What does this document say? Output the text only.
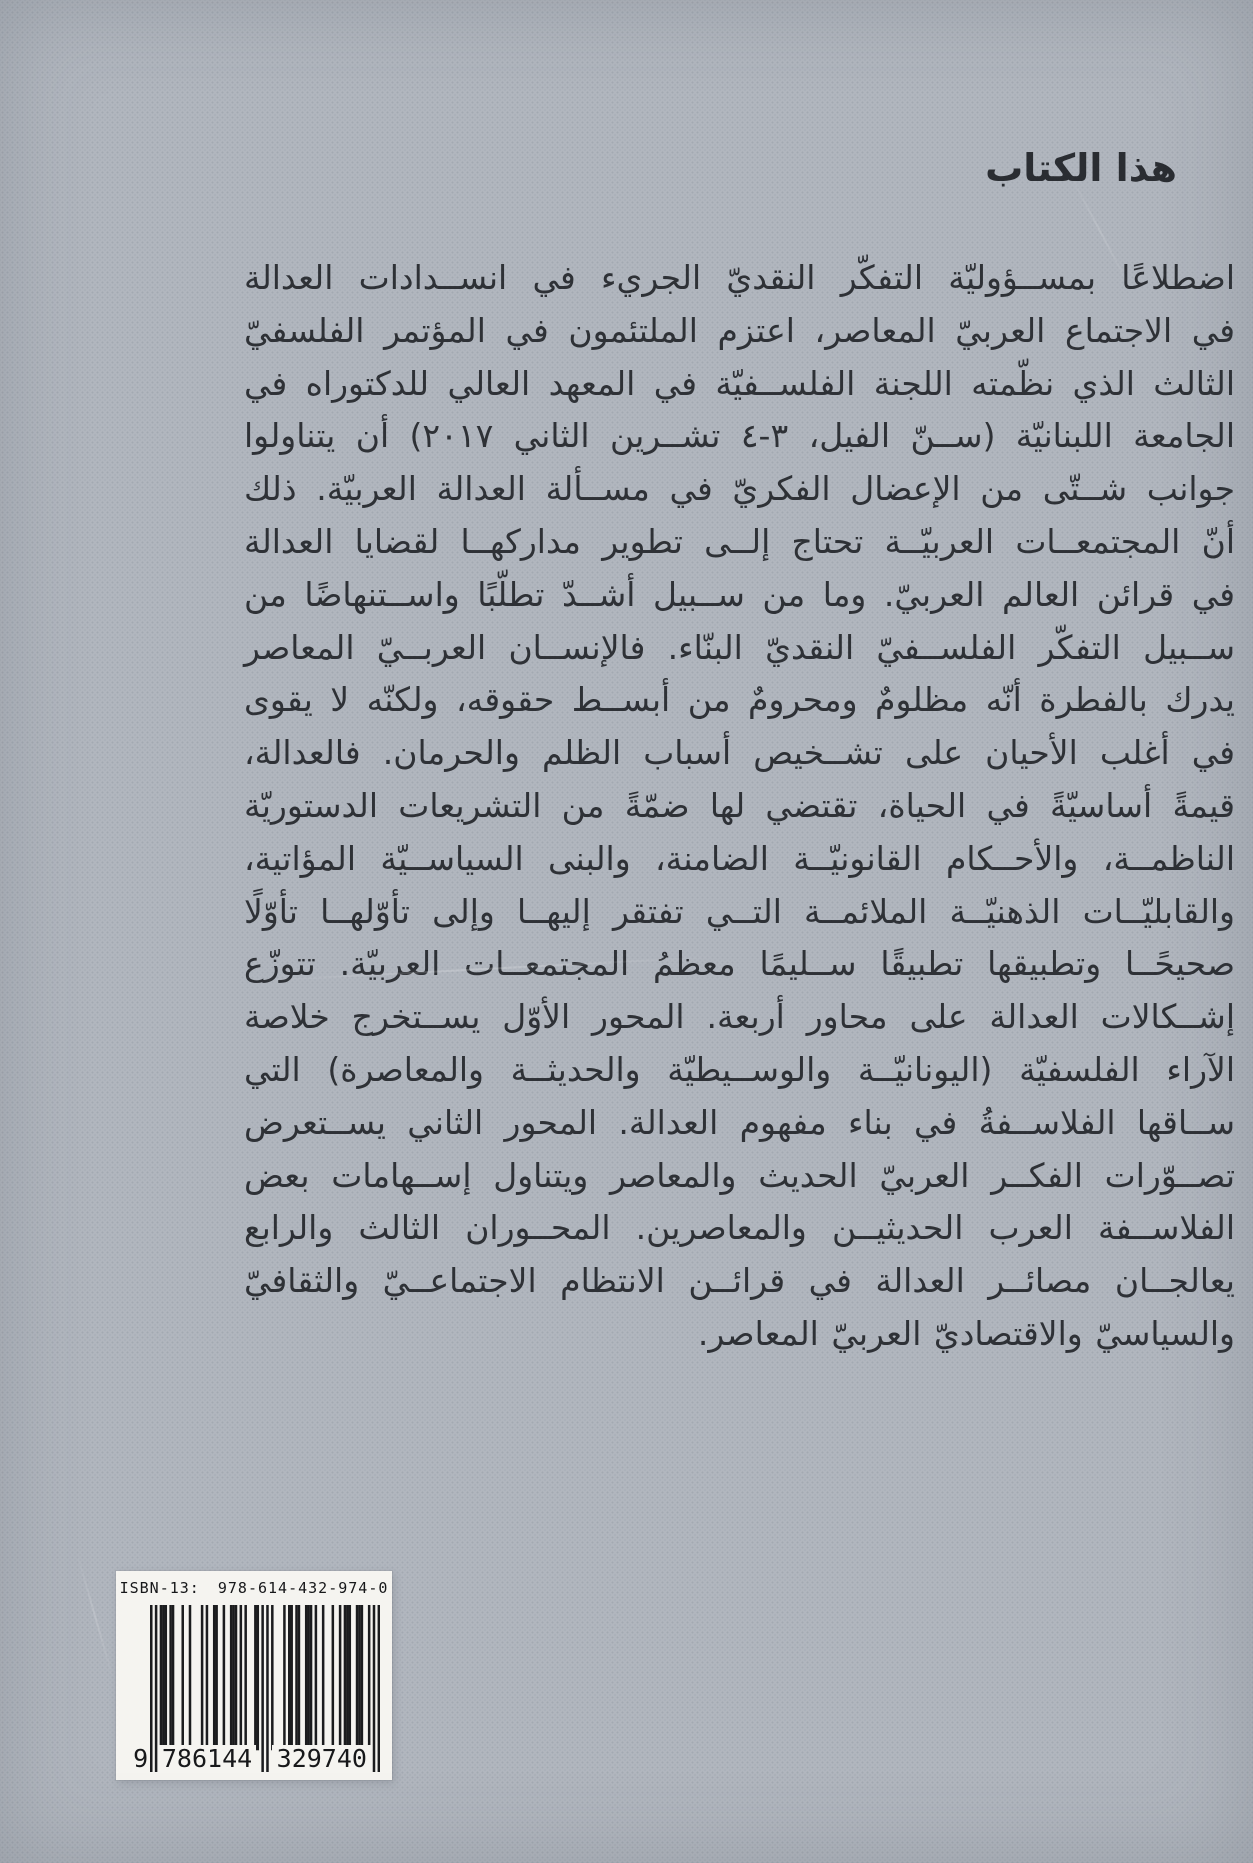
هذا الكتاب
اضطلاعًا بمســؤوليّة التفكّر النقديّ الجريء في انســدادات العدالة
في الاجتماع العربيّ المعاصر، اعتزم الملتئمون في المؤتمر الفلسفيّ
الثالث الذي نظّمته اللجنة الفلســفيّة في المعهد العالي للدكتوراه في
الجامعة اللبنانيّة (ســنّ الفيل، ٣-٤ تشــرين الثاني ٢٠١٧) أن يتناولوا
جوانب شــتّى من الإعضال الفكريّ في مســألة العدالة العربيّة. ذلك
أنّ المجتمعــات العربيّــة تحتاج إلــى تطوير مداركهــا لقضايا العدالة
في قرائن العالم العربيّ. وما من ســبيل أشــدّ تطلّبًا واســتنهاضًا من
ســبيل التفكّر الفلســفيّ النقديّ البنّاء. فالإنســان العربــيّ المعاصر
يدرك بالفطرة أنّه مظلومٌ ومحرومٌ من أبســط حقوقه، ولكنّه لا يقوى
في أغلب الأحيان على تشــخيص أسباب الظلم والحرمان. فالعدالة،
قيمةً أساسيّةً في الحياة، تقتضي لها ضمّةً من التشريعات الدستوريّة
الناظمــة، والأحــكام القانونيّــة الضامنة، والبنى السياســيّة المؤاتية،
والقابليّــات الذهنيّــة الملائمــة التــي تفتقر إليهــا وإلى تأوّلهــا تأوّلًا
صحيحًــا وتطبيقها تطبيقًا ســليمًا معظمُ المجتمعــات العربيّة. تتوزّع
إشــكالات العدالة على محاور أربعة. المحور الأوّل يســتخرج خلاصة
الآراء الفلسفيّة (اليونانيّــة والوســيطيّة والحديثــة والمعاصرة) التي
ســاقها الفلاســفةُ في بناء مفهوم العدالة. المحور الثاني يســتعرض
تصــوّرات الفكــر العربيّ الحديث والمعاصر ويتناول إســهامات بعض
الفلاســفة العرب الحديثيــن والمعاصرين. المحــوران الثالث والرابع
يعالجــان مصائــر العدالة في قرائــن الانتظام الاجتماعــيّ والثقافيّ
والسياسيّ والاقتصاديّ العربيّ المعاصر.
ISBN-13: 978-614-432-974-0
9 786144 329740
